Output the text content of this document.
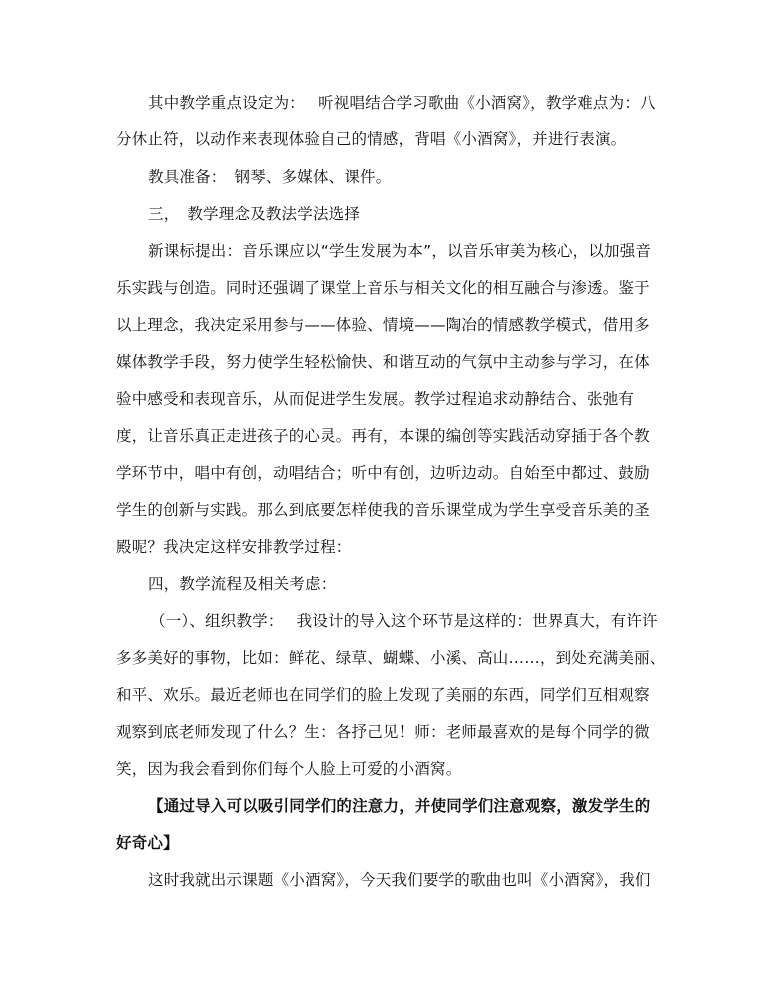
其中教学重点设定为：　 听视唱结合学习歌曲《小酒窝》，教学难点为：八
分休止符，以动作来表现体验自己的情感，背唱《小酒窝》，并进行表演。
教具准备：　钢琴、多媒体、课件。
三，　教学理念及教法学法选择
新课标提出：音乐课应以“学生发展为本”，以音乐审美为核心，以加强音
乐实践与创造。同时还强调了课堂上音乐与相关文化的相互融合与渗透。鉴于
以上理念，我决定采用参与——体验、情境——陶冶的情感教学模式，借用多
媒体教学手段，努力使学生轻松愉快、和谐互动的气氛中主动参与学习，在体
验中感受和表现音乐，从而促进学生发展。教学过程追求动静结合、张弛有
度，让音乐真正走进孩子的心灵。再有，本课的编创等实践活动穿插于各个教
学环节中，唱中有创，动唱结合；听中有创，边听边动。自始至中都过、鼓励
学生的创新与实践。那么到底要怎样使我的音乐课堂成为学生享受音乐美的圣
殿呢？我决定这样安排教学过程：
四，教学流程及相关考虑：
（一）、组织教学：　 我设计的导入这个环节是这样的：世界真大，有许许
多多美好的事物，比如：鲜花、绿草、蝴蝶、小溪、高山……，到处充满美丽、
和平、欢乐。最近老师也在同学们的脸上发现了美丽的东西，同学们互相观察
观察到底老师发现了什么？生：各抒己见！师：老师最喜欢的是每个同学的微
笑，因为我会看到你们每个人脸上可爱的小酒窝。
【通过导入可以吸引同学们的注意力，并使同学们注意观察，激发学生的
好奇心】
这时我就出示课题《小酒窝》，今天我们要学的歌曲也叫《小酒窝》，我们
